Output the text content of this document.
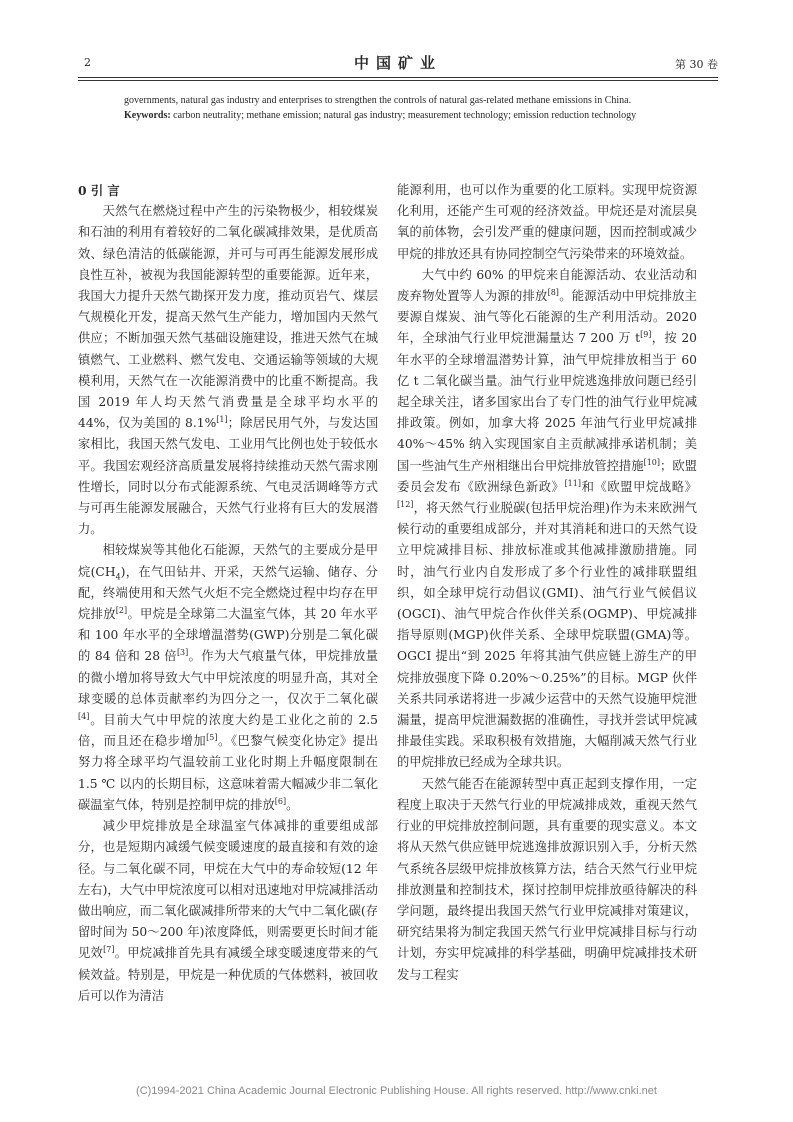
2	中国矿业	第 30 卷

governments, natural gas industry and enterprises to strengthen the controls of natural gas-related methane emissions in China.

Keywords: carbon neutrality; methane emission; natural gas industry; measurement technology; emission reduction technology

0 引 言

天然气在燃烧过程中产生的污染物极少，相较煤炭和石油的利用有着较好的二氧化碳减排效果，是优质高效、绿色清洁的低碳能源，并可与可再生能源发展形成良性互补，被视为我国能源转型的重要能源。近年来，我国大力提升天然气勘探开发力度，推动页岩气、煤层气规模化开发，提高天然气生产能力，增加国内天然气供应；不断加强天然气基础设施建设，推进天然气在城镇燃气、工业燃料、燃气发电、交通运输等领域的大规模利用，天然气在一次能源消费中的比重不断提高。我国 2019 年人均天然气消费量是全球平均水平的 44%，仅为美国的 8.1%[1]；除居民用气外，与发达国家相比，我国天然气发电、工业用气比例也处于较低水平。我国宏观经济高质量发展将持续推动天然气需求刚性增长，同时以分布式能源系统、气电灵活调峰等方式与可再生能源发展融合，天然气行业将有巨大的发展潜力。

相较煤炭等其他化石能源，天然气的主要成分是甲烷$(CH_4)$，在气田钻井、开采，天然气运输、储存、分配，终端使用和天然气火炬不完全燃烧过程中均存在甲烷排放[2]。甲烷是全球第二大温室气体，其 20 年水平和 100 年水平的全球增温潜势(GWP)分别是二氧化碳的 84 倍和 28 倍[3]。作为大气痕量气体，甲烷排放量的微小增加将导致大气中甲烷浓度的明显升高，其对全球变暖的总体贡献率约为四分之一，仅次于二氧化碳[4]。目前大气中甲烷的浓度大约是工业化之前的 2.5 倍，而且还在稳步增加[5]。《巴黎气候变化协定》提出努力将全球平均气温较前工业化时期上升幅度限制在 1.5 ℃ 以内的长期目标，这意味着需大幅减少非二氧化碳温室气体，特别是控制甲烷的排放[6]。

减少甲烷排放是全球温室气体减排的重要组成部分，也是短期内减缓气候变暖速度的最直接和有效的途径。与二氧化碳不同，甲烷在大气中的寿命较短(12 年左右)，大气中甲烷浓度可以相对迅速地对甲烷减排活动做出响应，而二氧化碳减排所带来的大气中二氧化碳(存留时间为 50～200 年)浓度降低，则需要更长时间才能见效[7]。甲烷减排首先具有减缓全球变暖速度带来的气候效益。特别是，甲烷是一种优质的气体燃料，被回收后可以作为清洁

能源利用，也可以作为重要的化工原料。实现甲烷资源化利用，还能产生可观的经济效益。甲烷还是对流层臭氧的前体物，会引发严重的健康问题，因而控制或减少甲烷的排放还具有协同控制空气污染带来的环境效益。

大气中约 60% 的甲烷来自能源活动、农业活动和废弃物处置等人为源的排放[8]。能源活动中甲烷排放主要源自煤炭、油气等化石能源的生产利用活动。2020 年，全球油气行业甲烷泄漏量达 7 200 万 t[9]，按 20 年水平的全球增温潜势计算，油气甲烷排放相当于 60 亿 t 二氧化碳当量。油气行业甲烷逃逸排放问题已经引起全球关注，诸多国家出台了专门性的油气行业甲烷减排政策。例如，加拿大将 2025 年油气行业甲烷减排 40%～45% 纳入实现国家自主贡献减排承诺机制；美国一些油气生产州相继出台甲烷排放管控措施[10]；欧盟委员会发布《欧洲绿色新政》[11]和《欧盟甲烷战略》[12]，将天然气行业脱碳(包括甲烷治理)作为未来欧洲气候行动的重要组成部分，并对其消耗和进口的天然气设立甲烷减排目标、排放标准或其他减排激励措施。同时，油气行业内自发形成了多个行业性的减排联盟组织，如全球甲烷行动倡议(GMI)、油气行业气候倡议(OGCI)、油气甲烷合作伙伴关系(OGMP)、甲烷减排指导原则(MGP)伙伴关系、全球甲烷联盟(GMA)等。OGCI 提出“到 2025 年将其油气供应链上游生产的甲烷排放强度下降 0.20%～0.25%”的目标。MGP 伙伴关系共同承诺将进一步减少运营中的天然气设施甲烷泄漏量，提高甲烷泄漏数据的准确性，寻找并尝试甲烷减排最佳实践。采取积极有效措施，大幅削减天然气行业的甲烷排放已经成为全球共识。

天然气能否在能源转型中真正起到支撑作用，一定程度上取决于天然气行业的甲烷减排成效，重视天然气行业的甲烷排放控制问题，具有重要的现实意义。本文将从天然气供应链甲烷逃逸排放源识别入手，分析天然气系统各层级甲烷排放核算方法，结合天然气行业甲烷排放测量和控制技术，探讨控制甲烷排放亟待解决的科学问题，最终提出我国天然气行业甲烷减排对策建议，研究结果将为制定我国天然气行业甲烷减排目标与行动计划，夯实甲烷减排的科学基础，明确甲烷减排技术研发与工程实

(C)1994-2021 China Academic Journal Electronic Publishing House. All rights reserved. http://www.cnki.net
